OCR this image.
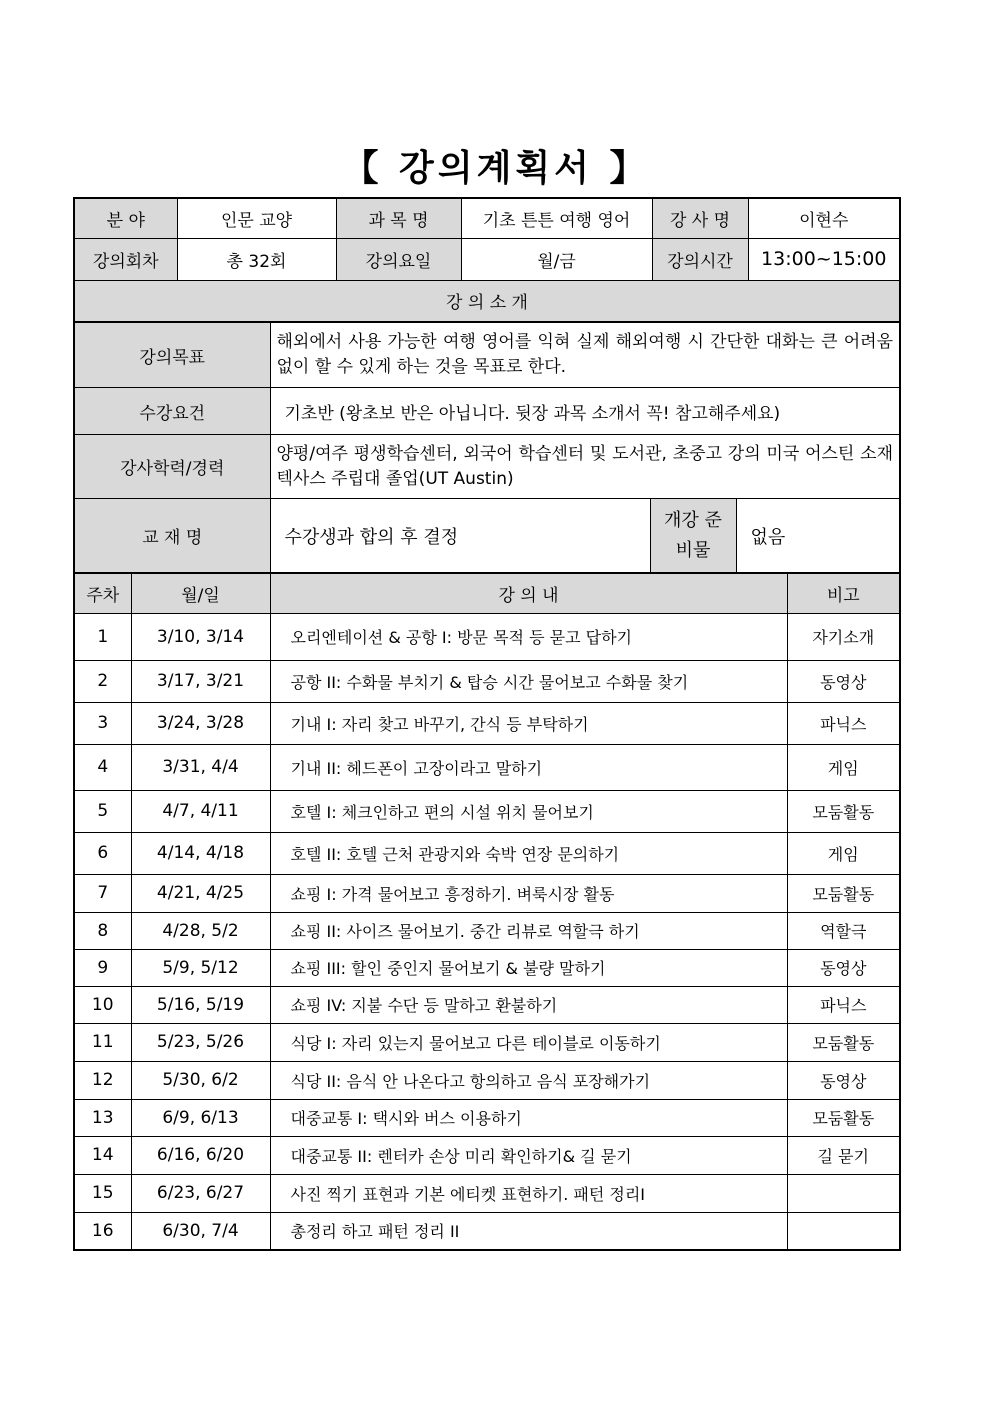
【 강의계획서 】
분 야	인문 교양	과 목 명	기초 튼튼 여행 영어	강 사 명	이현수
강의회차	총 32회	강의요일	월/금	강의시간	13:00~15:00
강 의 소 개					
강의목표	해외에서 사용 가능한 여행 영어를 익혀 실제 해외여행 시 간단한 대화는 큰 어려움 없이 할 수 있게 하는 것을 목표로 한다.		
수강요건	기초반 (왕초보 반은 아닙니다. 뒷장 과목 소개서 꼭! 참고해주세요)		
강사학력/경력	양평/여주 평생학습센터, 외국어 학습센터 및 도서관, 초중고 강의 미국 어스틴 소재 텍사스 주립대 졸업(UT Austin)		
교 재 명	수강생과 합의 후 결정	개강 준비물	없음
주차	월/일	강 의 내	비고
1	3/10, 3/14	오리엔테이션 & 공항 I: 방문 목적 등 묻고 답하기	자기소개
2	3/17, 3/21	공항 II: 수화물 부치기 & 탑승 시간 물어보고 수화물 찾기	동영상
3	3/24, 3/28	기내 I: 자리 찾고 바꾸기, 간식 등 부탁하기	파닉스
4	3/31, 4/4	기내 II: 헤드폰이 고장이라고 말하기	게임
5	4/7, 4/11	호텔 I: 체크인하고 편의 시설 위치 물어보기	모둠활동
6	4/14, 4/18	호텔 II: 호텔 근처 관광지와 숙박 연장 문의하기	게임
7	4/21, 4/25	쇼핑 I: 가격 물어보고 흥정하기. 벼룩시장 활동	모둠활동
8	4/28, 5/2	쇼핑 II: 사이즈 물어보기. 중간 리뷰로 역할극 하기	역할극
9	5/9, 5/12	쇼핑 III: 할인 중인지 물어보기 & 불량 말하기	동영상
10	5/16, 5/19	쇼핑 IV: 지불 수단 등 말하고 환불하기	파닉스
11	5/23, 5/26	식당 I: 자리 있는지 물어보고 다른 테이블로 이동하기	모둠활동
12	5/30, 6/2	식당 II: 음식 안 나온다고 항의하고 음식 포장해가기	동영상
13	6/9, 6/13	대중교통 I: 택시와 버스 이용하기	모둠활동
14	6/16, 6/20	대중교통 II: 렌터카 손상 미리 확인하기& 길 묻기	길 묻기
15	6/23, 6/27	사진 찍기 표현과 기본 에티켓 표현하기. 패턴 정리I	
16	6/30, 7/4	총정리 하고 패턴 정리 II	
